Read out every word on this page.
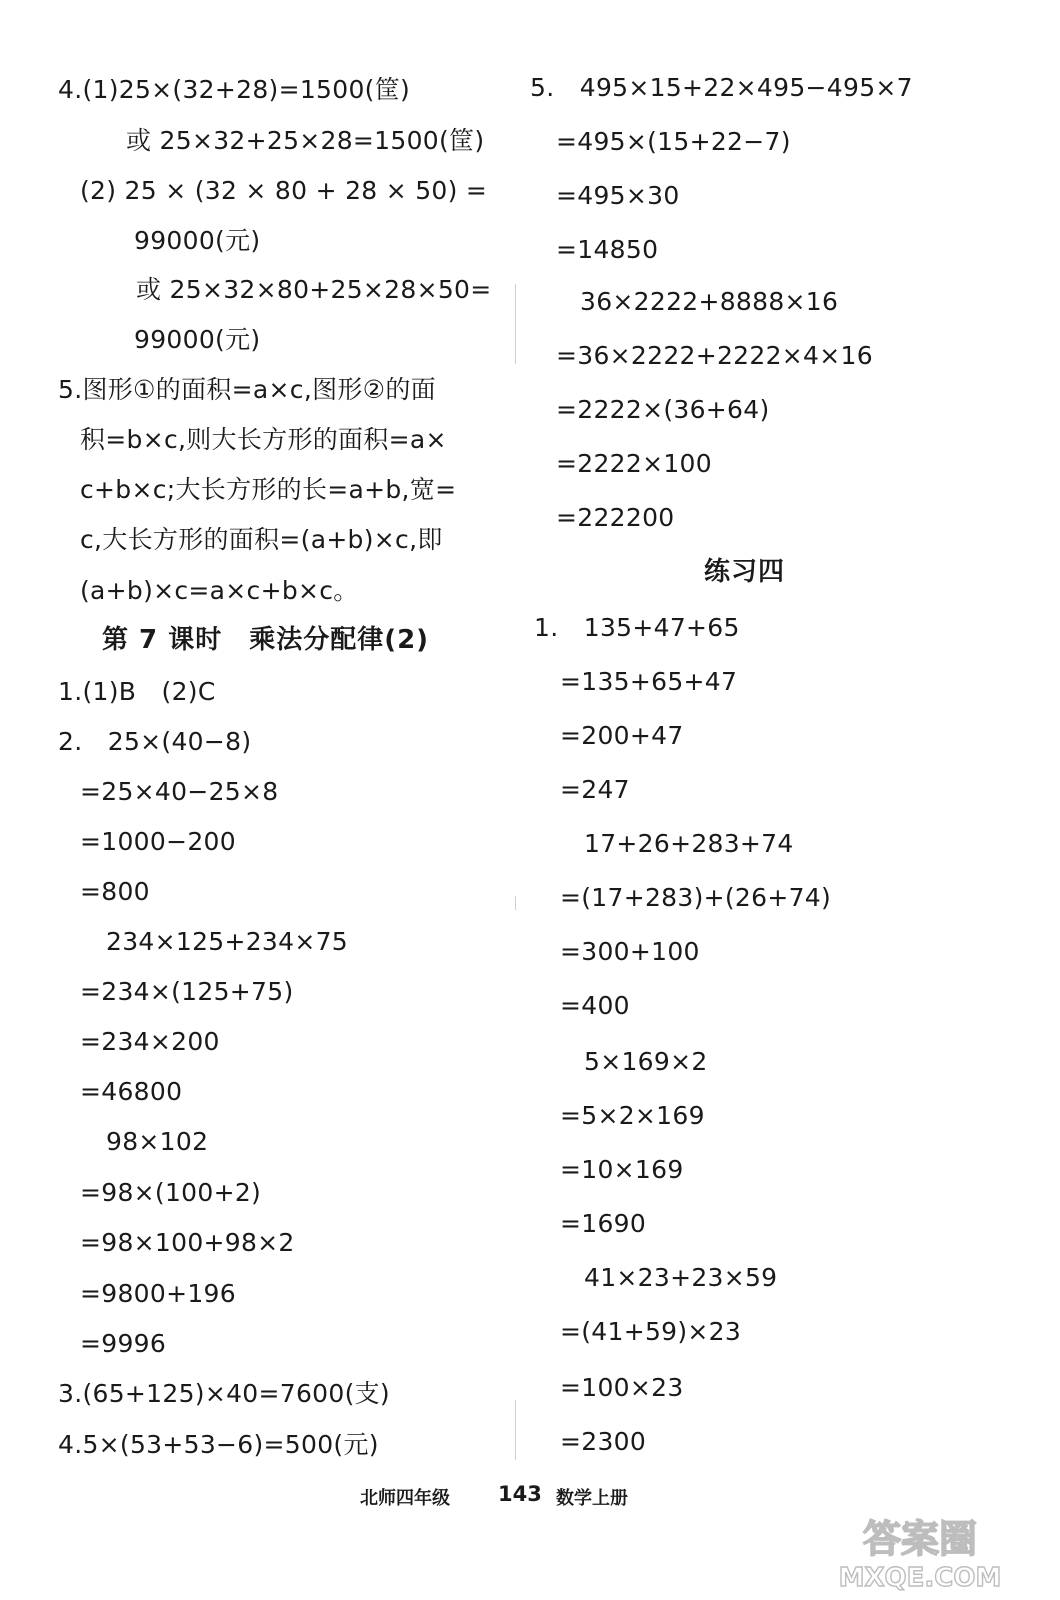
4.(1)25×(32+28)=1500(筐)
或 25×32+25×28=1500(筐)
(2) 25 × (32 × 80 + 28 × 50) =
99000(元)
或 25×32×80+25×28×50=
99000(元)
5.图形①的面积=a×c,图形②的面
积=b×c,则大长方形的面积=a×
c+b×c;大长方形的长=a+b,宽=
c,大长方形的面积=(a+b)×c,即
(a+b)×c=a×c+b×c。
第 7 课时　乘法分配律(2)
1.(1)B　(2)C
2.　25×(40−8)
=25×40−25×8
=1000−200
=800
234×125+234×75
=234×(125+75)
=234×200
=46800
98×102
=98×(100+2)
=98×100+98×2
=9800+196
=9996
3.(65+125)×40=7600(支)
4.5×(53+53−6)=500(元)
5.　495×15+22×495−495×7
=495×(15+22−7)
=495×30
=14850
36×2222+8888×16
=36×2222+2222×4×16
=2222×(36+64)
=2222×100
=222200
练习四
1.　135+47+65
=135+65+47
=200+47
=247
17+26+283+74
=(17+283)+(26+74)
=300+100
=400
5×169×2
=5×2×169
=10×169
=1690
41×23+23×59
=(41+59)×23
=100×23
=2300
北师四年级 143 数学上册
答案圈
MXQE.COM
